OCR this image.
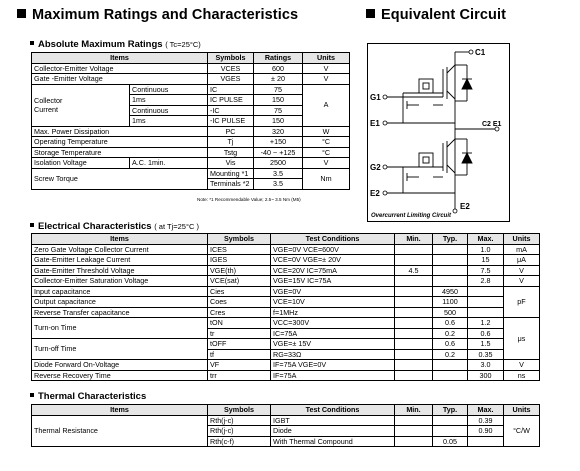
Maximum Ratings and Characteristics	Equivalent Circuit
Absolute Maximum Ratings ( Tc=25°C)
Items		Symbols	Ratings	Units
Collector-Emitter Voltage		VCES	600	V
Gate -Emitter Voltage		VGES	± 20	V

Collector
Current	Continuous	IC	75	A
	1ms	IC PULSE	150	
	Continuous	-IC	75	
	1ms	-IC PULSE	150	
Max. Power Dissipation		PC	320	W
Operating Temperature		Tj	+150	°C
Storage Temperature		Tstg	-40 ~ +125	°C
Isolation Voltage	A.C. 1min.	Vis	2500	V
Screw Torque		Mounting *1	3.5	Nm
		Terminals *2	3.5	
Note: *1 Recommendable Value; 2.5~ 3.5 Nm (M5)
C1
G1
E1	C2 E1
G2
E2
E2
Overcurrent Limiting Circuit
Electrical Characteristics ( at Tj=25°C )
Items	Symbols	Test Conditions	Min.	Typ.	Max.	Units
Zero Gate Voltage Collector Current	ICES	VGE=0V VCE=600V			1.0	mA
Gate-Emitter Leakage Current	IGES	VCE=0V VGE=± 20V			15	μA
Gate-Emitter Threshold Voltage	VGE(th)	VCE=20V IC=75mA	4.5		7.5	V
Collector-Emitter Saturation Voltage	VCE(sat)	VGE=15V IC=75A			2.8	V
Input capacitance	Cies	VGE=0V		4950		pF
Output capacitance	Coes	VCE=10V		1100		
Reverse Transfer capacitance	Cres	f=1MHz		500		
Turn-on Time	tON	VCC=300V		0.6	1.2	μs
	tr	IC=75A		0.2	0.6	
Turn-off Time	tOFF	VGE=± 15V		0.6	1.5	
	tf	RG=33Ω		0.2	0.35	
Diode Forward On-Voltage	VF	IF=75A VGE=0V			3.0	V
Reverse Recovery Time	trr	IF=75A			300	ns
Thermal Characteristics
Items	Symbols	Test Conditions	Min.	Typ.	Max.	Units
Thermal Resistance	Rth(j-c)	IGBT			0.39	°C/W
	Rth(j-c)	Diode			0.90	
	Rth(c-f)	With Thermal Compound		0.05		
